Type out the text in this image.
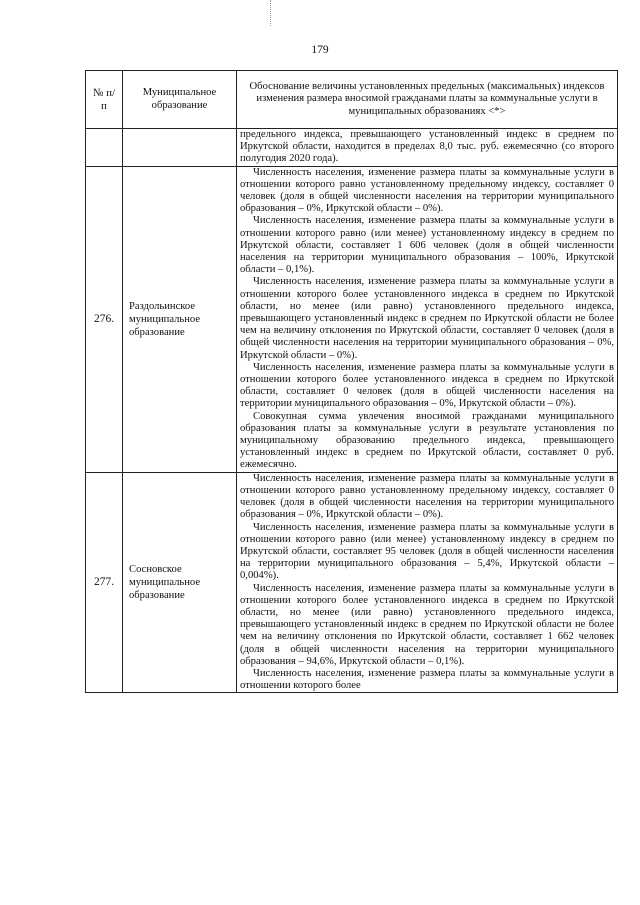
179
№ п/п	Муниципальное образование	Обоснование величины установленных предельных (максимальных) индексов изменения размера вносимой гражданами платы за коммунальные услуги в муниципальных образованиях <*>

		предельного индекса, превышающего установленный индекс в среднем по Иркутской области, находится в пределах 8,0 тыс. руб. ежемесячно (со второго полугодия 2020 года).

276.	Раздольинское муниципальное образование	Численность населения, изменение размера платы за коммунальные услуги в отношении которого равно установленному предельному индексу, составляет 0 человек (доля в общей численности населения на территории муниципального образования – 0%, Иркутской области – 0%).

Численность населения, изменение размера платы за коммунальные услуги в отношении которого равно (или менее) установленному индексу в среднем по Иркутской области, составляет 1 606 человек (доля в общей численности населения на территории муниципального образования – 100%, Иркутской области – 0,1%).

Численность населения, изменение размера платы за коммунальные услуги в отношении которого более установленного индекса в среднем по Иркутской области, но менее (или равно) установленного предельного индекса, превышающего установленный индекс в среднем по Иркутской области не более чем на величину отклонения по Иркутской области, составляет 0 человек (доля в общей численности населения на территории муниципального образования – 0%, Иркутской области – 0%).

Численность населения, изменение размера платы за коммунальные услуги в отношении которого более установленного индекса в среднем по Иркутской области, составляет 0 человек (доля в общей численности населения на территории муниципального образования – 0%, Иркутской области – 0%).

Совокупная сумма увлечения вносимой гражданами муниципального образования платы за коммунальные услуги в результате установления по муниципальному образованию предельного индекса, превышающего установленный индекс в среднем по Иркутской области, составляет 0 руб. ежемесячно.

277.	Сосновское муниципальное образование	Численность населения, изменение размера платы за коммунальные услуги в отношении которого равно установленному предельному индексу, составляет 0 человек (доля в общей численности населения на территории муниципального образования – 0%, Иркутской области – 0%).

Численность населения, изменение размера платы за коммунальные услуги в отношении которого равно (или менее) установленному индексу в среднем по Иркутской области, составляет 95 человек (доля в общей численности населения на территории муниципального образования – 5,4%, Иркутской области – 0,004%).

Численность населения, изменение размера платы за коммунальные услуги в отношении которого более установленного индекса в среднем по Иркутской области, но менее (или равно) установленного предельного индекса, превышающего установленный индекс в среднем по Иркутской области не более чем на величину отклонения по Иркутской области, составляет 1 662 человек (доля в общей численности населения на территории муниципального образования – 94,6%, Иркутской области – 0,1%).

Численность населения, изменение размера платы за коммунальные услуги в отношении которого более
